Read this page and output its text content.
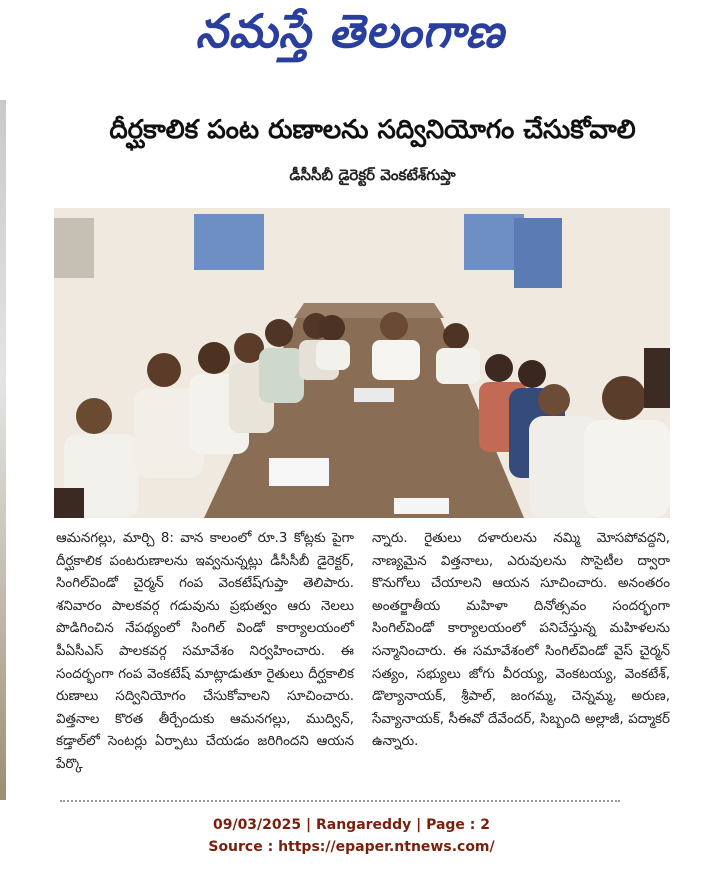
నమస్తే తెలంగాణ
దీర్ఘకాలిక పంట రుణాలను సద్వినియోగం చేసుకోవాలి
డీసీసీబీ డైరెక్టర్‌ వెంకటేశ్‌గుప్తా

ఆమనగల్లు, మార్చి 8: వాన కాలంలో రూ.3 కోట్లకు పైగా దీర్ఘకాలిక పంటరుణాలను ఇవ్వనున్నట్లు డీసీసీబీ డైరెక్టర్‌, సింగిల్‌విండో చైర్మన్‌ గంప వెంకటేష్‌గుప్తా తెలిపారు. శనివారం పాలకవర్గ గడువును ప్రభుత్వం ఆరు నెలలు పొడిగించిన నేపథ్యంలో సింగిల్‌ విండో కార్యాలయంలో పీఏసీఎస్‌ పాలకవర్గ సమావేశం నిర్వహించారు. ఈ సందర్భంగా గంప వెంకటేష్‌ మాట్లాడుతూ రైతులు దీర్ఘకాలిక రుణాలు సద్వినియోగం చేసుకోవాలని సూచించారు. విత్తనాల కొరత తీర్చేందుకు ఆమనగల్లు, ముద్విన్‌, కడ్తాల్‌లో సెంటర్లు ఏర్పాటు చేయడం జరిగిందని ఆయన పేర్కొ

న్నారు. రైతులు దళారులను నమ్మి మోసపోవద్దని, నాణ్యమైన విత్తనాలు, ఎరువులను సొసైటీల ద్వారా కొనుగోలు చేయాలని ఆయన సూచించారు. అనంతరం అంతర్జాతీయ మహిళా దినోత్సవం సందర్భంగా సింగిల్‌విండో కార్యాలయంలో పనిచేస్తున్న మహిళలను సన్మానించారు. ఈ సమావేశంలో సింగిల్‌విండో వైస్‌ చైర్మన్‌ సత్యం, సభ్యులు జోగు వీరయ్య, వెంకటయ్య, వెంకటేశ్‌, డొల్యానాయక్‌, శ్రీపాల్‌, జంగమ్మ, చెన్నమ్మ, అరుణ, సేవ్యానాయక్‌, సీఈవో దేవేందర్‌, సిబ్బంది అల్లాజీ, పద్మాకర్‌ ఉన్నారు.

09/03/2025 | Rangareddy | Page : 2
Source : https://epaper.ntnews.com/
